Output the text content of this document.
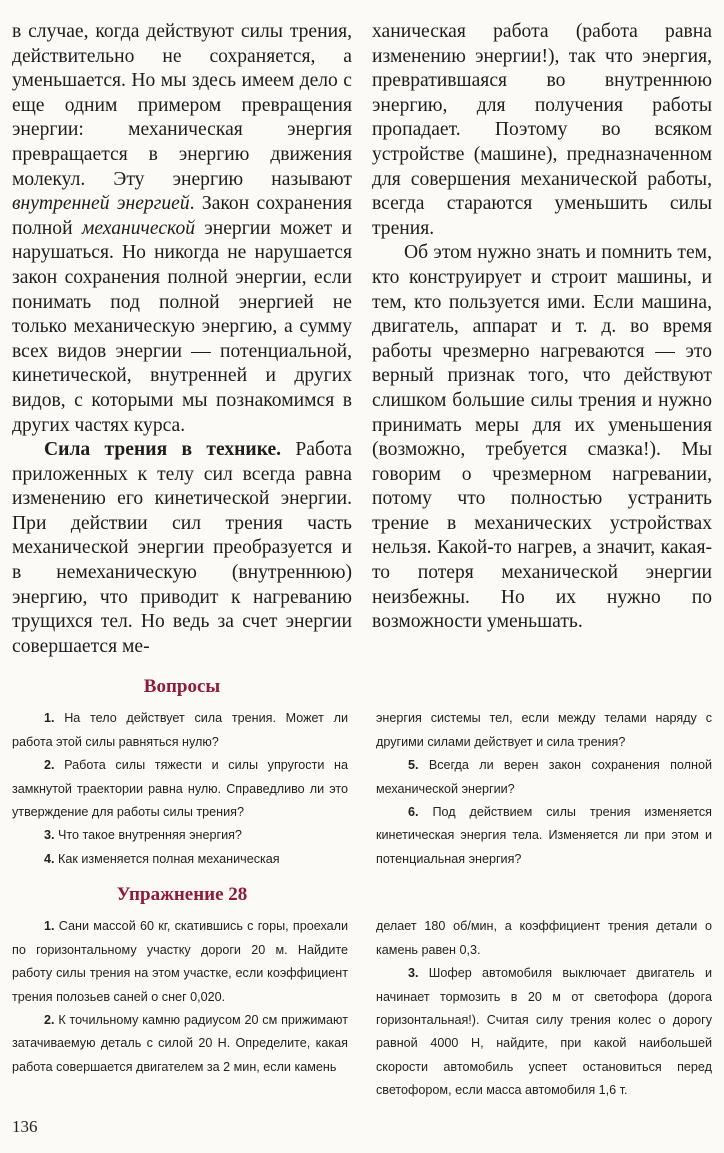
в случае, когда действуют силы трения, действительно не сохраняется, а уменьшается. Но мы здесь имеем дело с еще одним примером превращения энергии: механическая энергия превращается в энергию движения молекул. Эту энергию называют внутренней энергией. Закон сохранения полной механической энергии может и нарушаться. Но никогда не нарушается закон сохранения полной энергии, если понимать под полной энергией не только механическую энергию, а сумму всех видов энергии — потенциальной, кинетической, внутренней и других видов, с которыми мы познакомимся в других частях курса.

Сила трения в технике. Работа приложенных к телу сил всегда равна изменению его кинетической энергии. При действии сил трения часть механической энергии преобразуется и в немеханическую (внутреннюю) энергию, что приводит к нагреванию трущихся тел. Но ведь за счет энергии совершается ме-

ханическая работа (работа равна изменению энергии!), так что энергия, превратившаяся во внутреннюю энергию, для получения работы пропадает. Поэтому во всяком устройстве (машине), предназначенном для совершения механической работы, всегда стараются уменьшить силы трения.

Об этом нужно знать и помнить тем, кто конструирует и строит машины, и тем, кто пользуется ими. Если машина, двигатель, аппарат и т. д. во время работы чрезмерно нагреваются — это верный признак того, что действуют слишком большие силы трения и нужно принимать меры для их уменьшения (возможно, требуется смазка!). Мы говорим о чрезмерном нагревании, потому что полностью устранить трение в механических устройствах нельзя. Какой-то нагрев, а значит, какая-то потеря механической энергии неизбежны. Но их нужно по возможности уменьшать.

Вопросы

1. На тело действует сила трения. Может ли работа этой силы равняться нулю?

2. Работа силы тяжести и силы упругости на замкнутой траектории равна нулю. Справедливо ли это утверждение для работы силы трения?

3. Что такое внутренняя энергия?

4. Как изменяется полная механическая

энергия системы тел, если между телами наряду с другими силами действует и сила трения?

5. Всегда ли верен закон сохранения полной механической энергии?

6. Под действием силы трения изменяется кинетическая энергия тела. Изменяется ли при этом и потенциальная энергия?

Упражнение 28

1. Сани массой 60 кг, скатившись с горы, проехали по горизонтальному участку дороги 20 м. Найдите работу силы трения на этом участке, если коэффициент трения полозьев саней о снег 0,020.

2. К точильному камню радиусом 20 см прижимают затачиваемую деталь с силой 20 Н. Определите, какая работа совершается двигателем за 2 мин, если камень

делает 180 об/мин, а коэффициент трения детали о камень равен 0,3.

3. Шофер автомобиля выключает двигатель и начинает тормозить в 20 м от светофора (дорога горизонтальная!). Считая силу трения колес о дорогу равной 4000 Н, найдите, при какой наибольшей скорости автомобиль успеет остановиться перед светофором, если масса автомобиля 1,6 т.

136
